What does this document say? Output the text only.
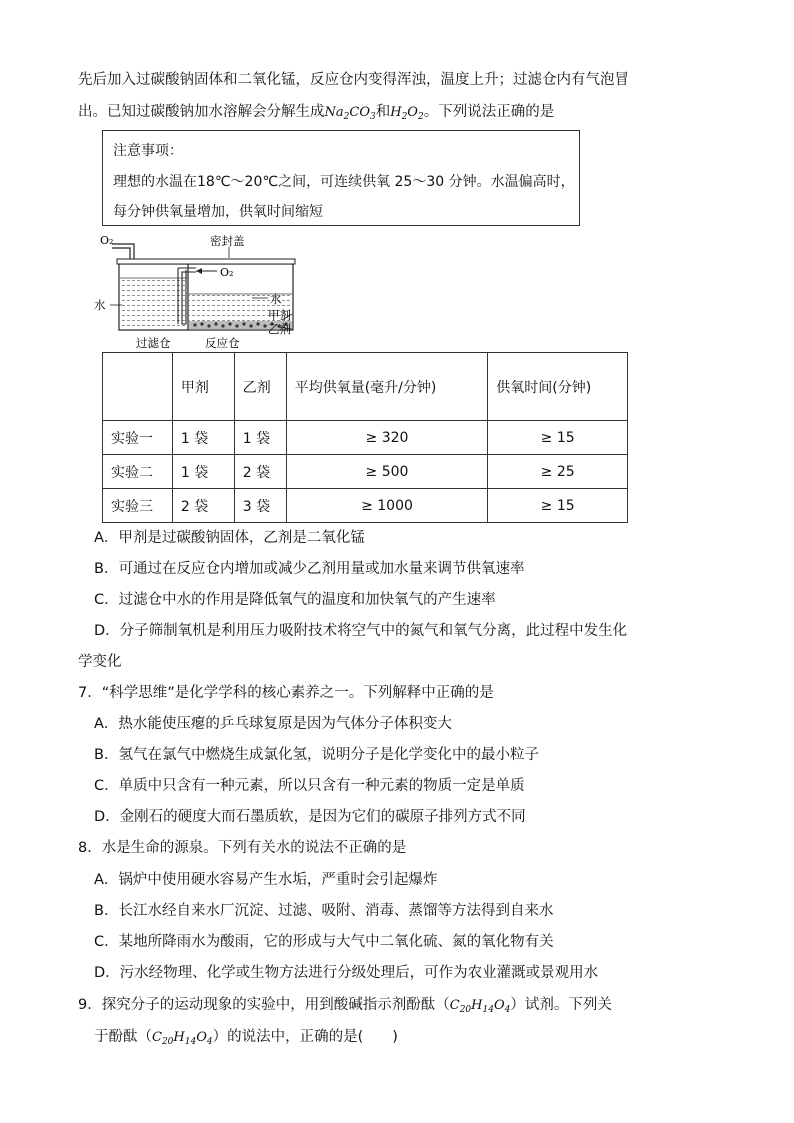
先后加入过碳酸钠固体和二氧化锰，反应仓内变得浑浊，温度上升；过滤仓内有气泡冒
出。已知过碳酸钠加水溶解会分解生成$Na_2CO_3$和$H_2O_2$。下列说法正确的是
注意事项：
理想的水温在18℃～20℃之间，可连续供氧 25～30 分钟。水温偏高时，
每分钟供氧量增加，供氧时间缩短
O₂	密封盖
O₂
水	水
甲剂
乙剂
过滤仓	反应仓
	甲剂	乙剂	平均供氧量(毫升/分钟)	供氧时间(分钟)
实验一	1 袋	1 袋	≥ 320	≥ 15
实验二	1 袋	2 袋	≥ 500	≥ 25
实验三	2 袋	3 袋	≥ 1000	≥ 15
A．甲剂是过碳酸钠固体，乙剂是二氧化锰
B．可通过在反应仓内增加或减少乙剂用量或加水量来调节供氧速率
C．过滤仓中水的作用是降低氧气的温度和加快氧气的产生速率
D．分子筛制氧机是利用压力吸附技术将空气中的氮气和氧气分离，此过程中发生化
学变化
7．“科学思维”是化学学科的核心素养之一。下列解释中正确的是
A．热水能使压瘪的乒乓球复原是因为气体分子体积变大
B．氢气在氯气中燃烧生成氯化氢，说明分子是化学变化中的最小粒子
C．单质中只含有一种元素，所以只含有一种元素的物质一定是单质
D．金刚石的硬度大而石墨质软，是因为它们的碳原子排列方式不同
8．水是生命的源泉。下列有关水的说法不正确的是
A．锅炉中使用硬水容易产生水垢，严重时会引起爆炸
B．长江水经自来水厂沉淀、过滤、吸附、消毒、蒸馏等方法得到自来水
C．某地所降雨水为酸雨，它的形成与大气中二氧化硫、氮的氧化物有关
D．污水经物理、化学或生物方法进行分级处理后，可作为农业灌溉或景观用水
9．探究分子的运动现象的实验中，用到酸碱指示剂酚酞$(C_{20}H_{14}O_4)$试剂。下列关
于酚酞$(C_{20}H_{14}O_4)$的说法中，正确的是(　　)
